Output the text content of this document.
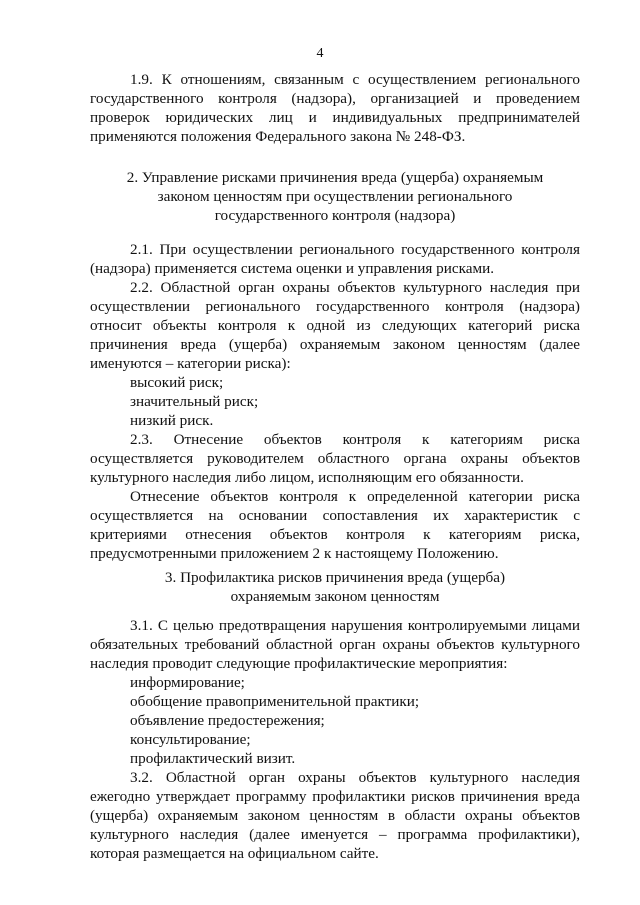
4

1.9. К отношениям, связанным с осуществлением регионального государственного контроля (надзора), организацией и проведением проверок юридических лиц и индивидуальных предпринимателей применяются положения Федерального закона № 248-ФЗ.

2. Управление рисками причинения вреда (ущерба) охраняемым

законом ценностям при осуществлении регионального

государственного контроля (надзора)

2.1. При осуществлении регионального государственного контроля (надзора) применяется система оценки и управления рисками.

2.2. Областной орган охраны объектов культурного наследия при осуществлении регионального государственного контроля (надзора) относит объекты контроля к одной из следующих категорий риска причинения вреда (ущерба) охраняемым законом ценностям (далее именуются – категории риска):

высокий риск;

значительный риск;

низкий риск.

2.3. Отнесение объектов контроля к категориям риска осуществляется руководителем областного органа охраны объектов культурного наследия либо лицом, исполняющим его обязанности.

Отнесение объектов контроля к определенной категории риска осуществляется на основании сопоставления их характеристик с критериями отнесения объектов контроля к категориям риска, предусмотренными приложением 2 к настоящему Положению.

3. Профилактика рисков причинения вреда (ущерба)

охраняемым законом ценностям

3.1. С целью предотвращения нарушения контролируемыми лицами обязательных требований областной орган охраны объектов культурного наследия проводит следующие профилактические мероприятия:

информирование;

обобщение правоприменительной практики;

объявление предостережения;

консультирование;

профилактический визит.

3.2. Областной орган охраны объектов культурного наследия ежегодно утверждает программу профилактики рисков причинения вреда (ущерба) охраняемым законом ценностям в области охраны объектов культурного наследия (далее именуется – программа профилактики), которая размещается на официальном сайте.
